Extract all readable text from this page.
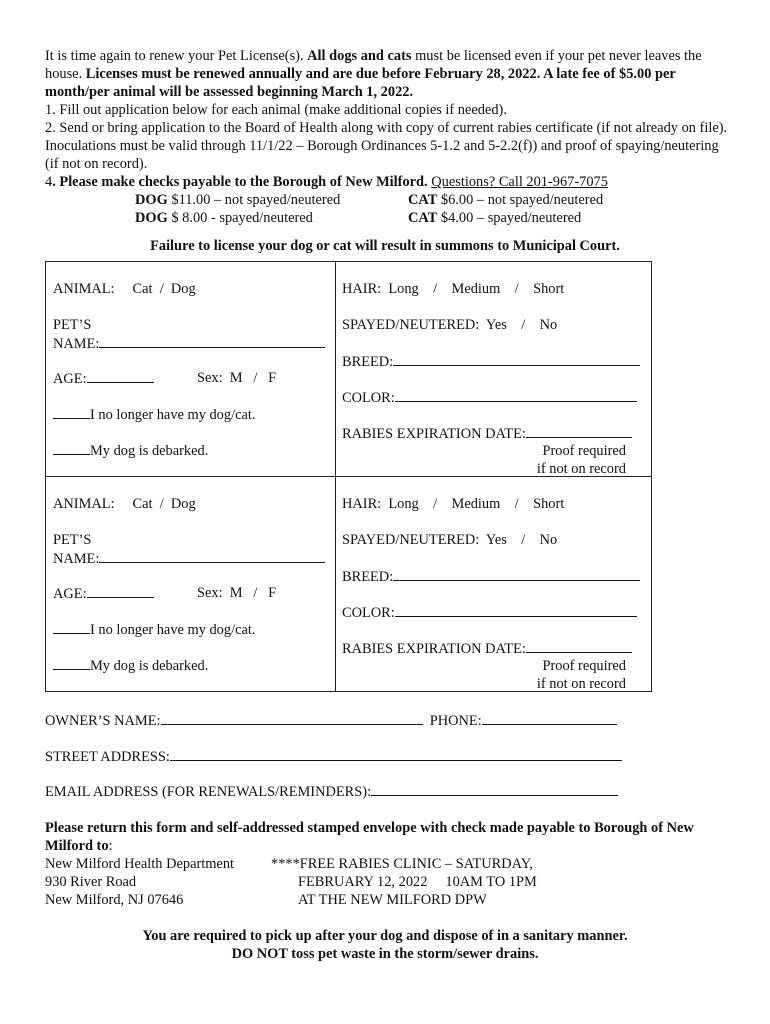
It is time again to renew your Pet License(s). All dogs and cats must be licensed even if your pet never leaves the house. Licenses must be renewed annually and are due before February 28, 2022. A late fee of $5.00 per month/per animal will be assessed beginning March 1, 2022.

1. Fill out application below for each animal (make additional copies if needed).

2. Send or bring application to the Board of Health along with copy of current rabies certificate (if not already on file). Inoculations must be valid through 11/1/22 – Borough Ordinances 5-1.2 and 5-2.2(f)) and proof of spaying/neutering (if not on record).

4. Please make checks payable to the Borough of New Milford. Questions? Call 201-967-7075

DOG $11.00 – not spayed/neutered	CAT $6.00 – not spayed/neutered
DOG $ 8.00 - spayed/neutered	CAT $4.00 – spayed/neutered

Failure to license your dog or cat will result in summons to Municipal Court.

ANIMAL:     Cat  /  Dog
PET’S
NAME:
AGE:	Sex:  M   /   F
I no longer have my dog/cat.
My dog is debarked.
HAIR:  Long    /    Medium    /    Short
SPAYED/NEUTERED:  Yes    /    No
BREED:
COLOR:
RABIES EXPIRATION DATE:
Proof required
if not on record
ANIMAL:     Cat  /  Dog
PET’S
NAME:
AGE:	Sex:  M   /   F
I no longer have my dog/cat.
My dog is debarked.
HAIR:  Long    /    Medium    /    Short
SPAYED/NEUTERED:  Yes    /    No
BREED:
COLOR:
RABIES EXPIRATION DATE:
Proof required
if not on record
OWNER’S NAME:	PHONE:
STREET ADDRESS:
EMAIL ADDRESS (FOR RENEWALS/REMINDERS):

Please return this form and self-addressed stamped envelope with check made payable to Borough of New Milford to:

New Milford Health Department
930 River Road
New Milford, NJ 07646
****FREE RABIES CLINIC – SATURDAY,
FEBRUARY 12, 2022     10AM TO 1PM
AT THE NEW MILFORD DPW
You are required to pick up after your dog and dispose of in a sanitary manner.
DO NOT toss pet waste in the storm/sewer drains.
